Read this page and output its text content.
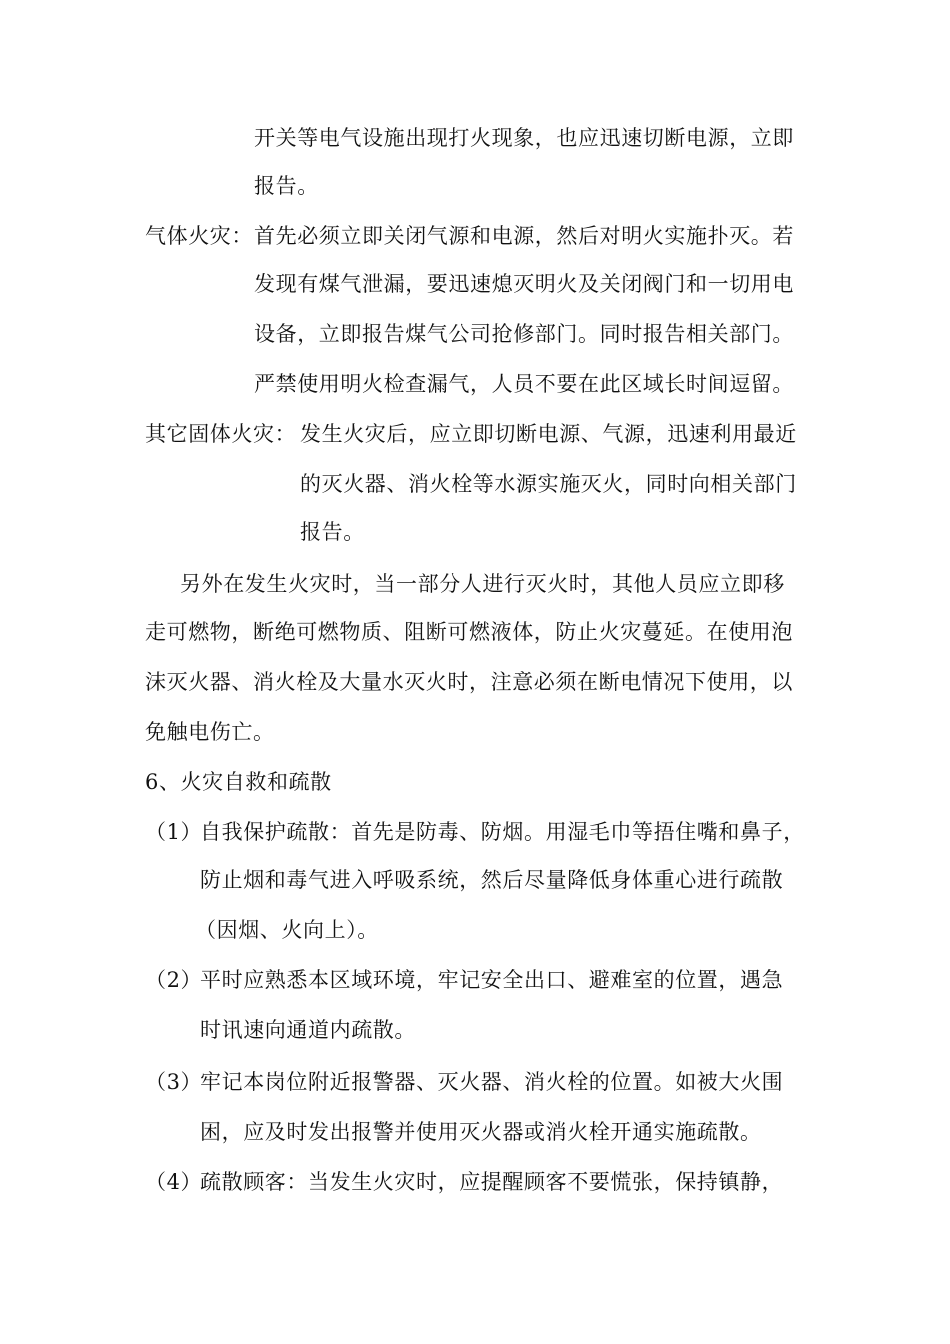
开关等电气设施出现打火现象，也应迅速切断电源，立即
报告。
气体火灾： 首先必须立即关闭气源和电源，然后对明火实施扑灭。若
发现有煤气泄漏，要迅速熄灭明火及关闭阀门和一切用电
设备，立即报告煤气公司抢修部门。同时报告相关部门。
严禁使用明火检查漏气，人员不要在此区域长时间逗留。
其它固体火灾： 发生火灾后，应立即切断电源、气源，迅速利用最近
的灭火器、消火栓等水源实施灭火，同时向相关部门
报告。
另外在发生火灾时，当一部分人进行灭火时，其他人员应立即移
走可燃物，断绝可燃物质、阻断可燃液体，防止火灾蔓延。在使用泡
沫灭火器、消火栓及大量水灭火时，注意必须在断电情况下使用，以
免触电伤亡。
6、火灾自救和疏散
（1）
自我保护疏散：首先是防毒、防烟。用湿毛巾等捂住嘴和鼻子，
防止烟和毒气进入呼吸系统，然后尽量降低身体重心进行疏散
（因烟、火向上）。
（2）
平时应熟悉本区域环境，牢记安全出口、避难室的位置，遇急
时讯速向通道内疏散。
（3）
牢记本岗位附近报警器、灭火器、消火栓的位置。如被大火围
困，应及时发出报警并使用灭火器或消火栓开通实施疏散。
（4）
疏散顾客：当发生火灾时，应提醒顾客不要慌张，保持镇静，
